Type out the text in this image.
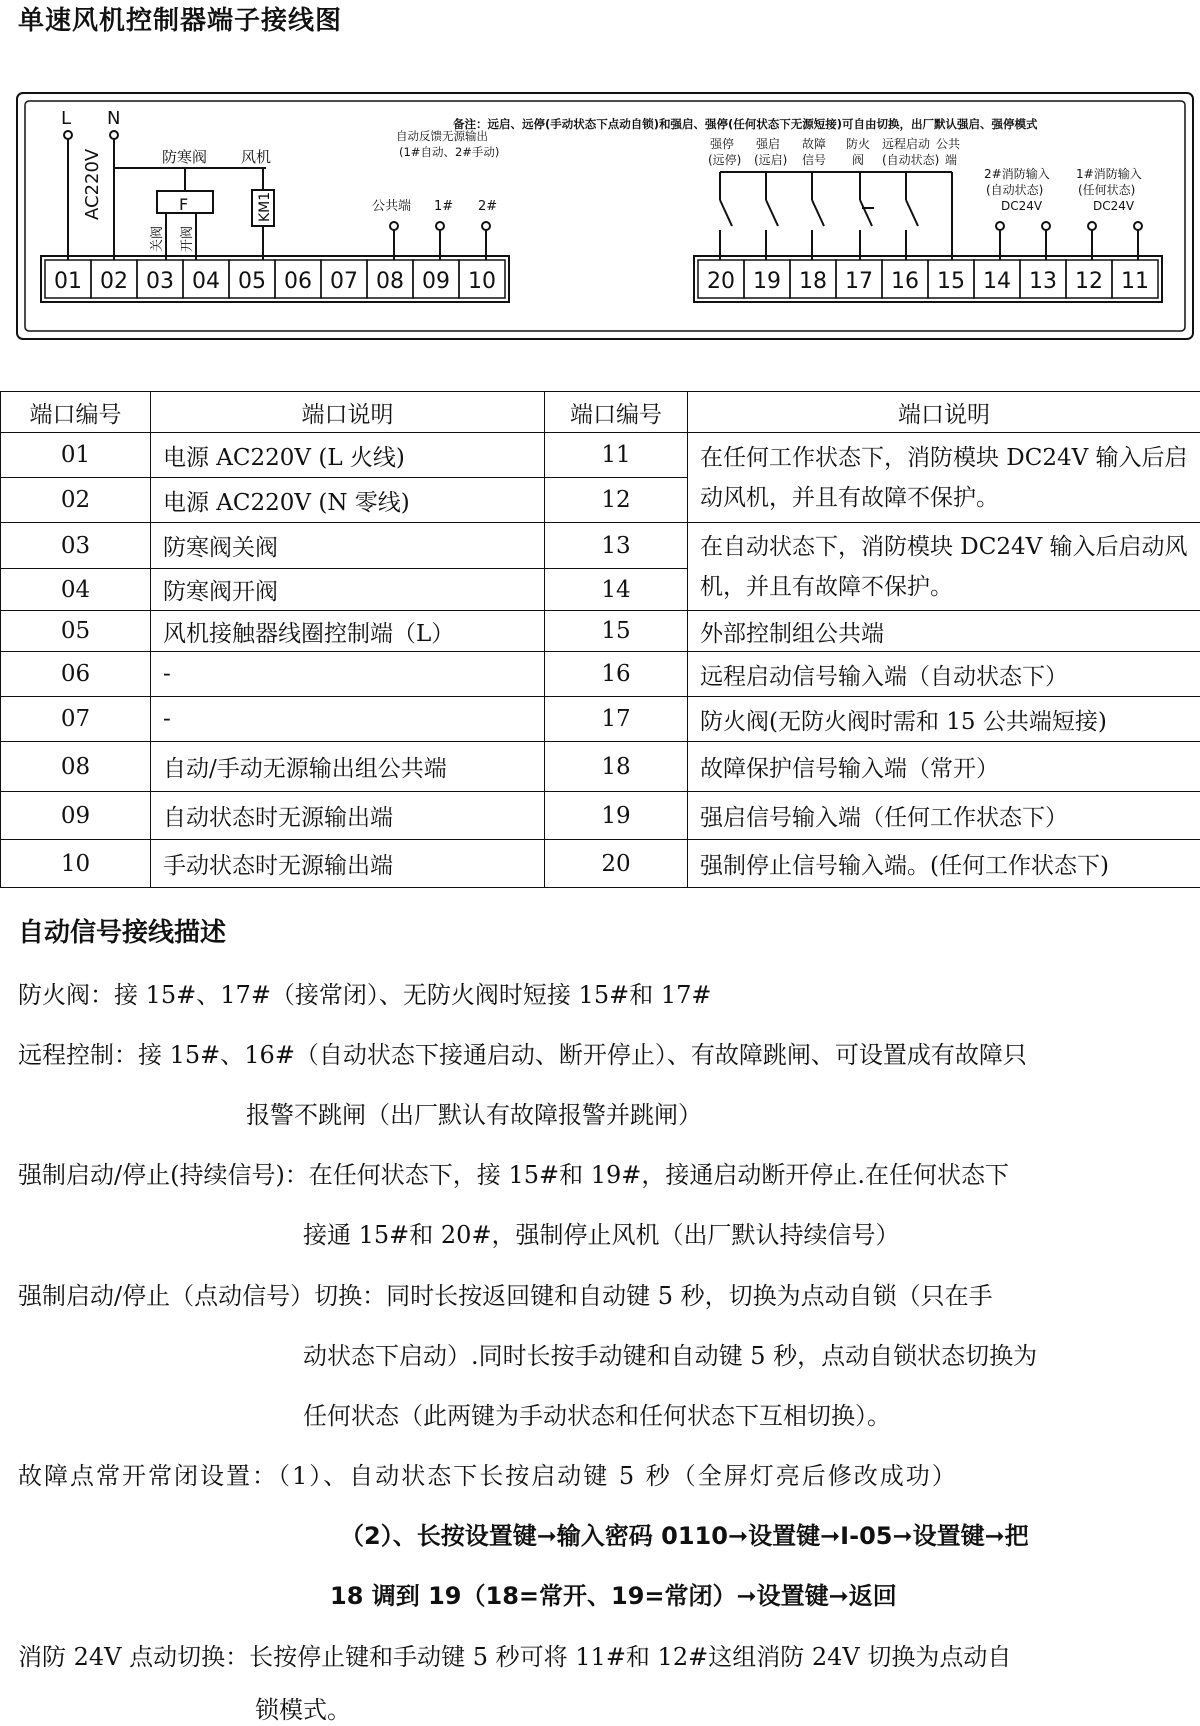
单速风机控制器端子接线图
备注：远启、远停(手动状态下点动自锁)和强启、强停(任何状态下无源短接)可自由切换，出厂默认强启、强停模式
01 02 03 04 05 06 07 08 09 10	20 19 18 17 16 15 14 13 12 11
L N
AC220V	防寒阀 风机
F	KM1
关阀 开阀
自动反馈无源输出
(1#自动、2#手动)
公共端 1# 2#
强停
(远停)
强启
(远启)
故障
信号
防火
阀
远程启动
(自动状态)
公共
端
2#消防输入
(自动状态)
DC24V
1#消防输入
(任何状态)
DC24V
端口编号	端口说明	端口编号	端口说明
01	电源 AC220V (L 火线)	11	在任何工作状态下，消防模块 DC24V 输入后启动风机，并且有故障不保护。
02	电源 AC220V (N 零线)	12	
03	防寒阀关阀	13	在自动状态下，消防模块 DC24V 输入后启动风机，并且有故障不保护。
04	防寒阀开阀	14	
05	风机接触器线圈控制端（L）	15	外部控制组公共端
06	-	16	远程启动信号输入端（自动状态下）
07	-	17	防火阀(无防火阀时需和 15 公共端短接)
08	自动/手动无源输出组公共端	18	故障保护信号输入端（常开）
09	自动状态时无源输出端	19	强启信号输入端（任何工作状态下）
10	手动状态时无源输出端	20	强制停止信号输入端。(任何工作状态下)
自动信号接线描述
防火阀：接 15#、17#（接常闭）、无防火阀时短接 15#和 17#
远程控制：接 15#、16#（自动状态下接通启动、断开停止）、有故障跳闸、可设置成有故障只
报警不跳闸（出厂默认有故障报警并跳闸）
强制启动/停止(持续信号)：在任何状态下，接 15#和 19#，接通启动断开停止.在任何状态下
接通 15#和 20#，强制停止风机（出厂默认持续信号）
强制启动/停止（点动信号）切换：同时长按返回键和自动键 5 秒，切换为点动自锁（只在手
动状态下启动）.同时长按手动键和自动键 5 秒，点动自锁状态切换为
任何状态（此两键为手动状态和任何状态下互相切换）。
故障点常开常闭设置：（1）、自动状态下长按启动键 5 秒（全屏灯亮后修改成功）
（2）、长按设置键➞输入密码 0110➞设置键➞I-05➞设置键➞把
18 调到 19（18=常开、19=常闭）➞设置键➞返回
消防 24V 点动切换：长按停止键和手动键 5 秒可将 11#和 12#这组消防 24V 切换为点动自
锁模式。
